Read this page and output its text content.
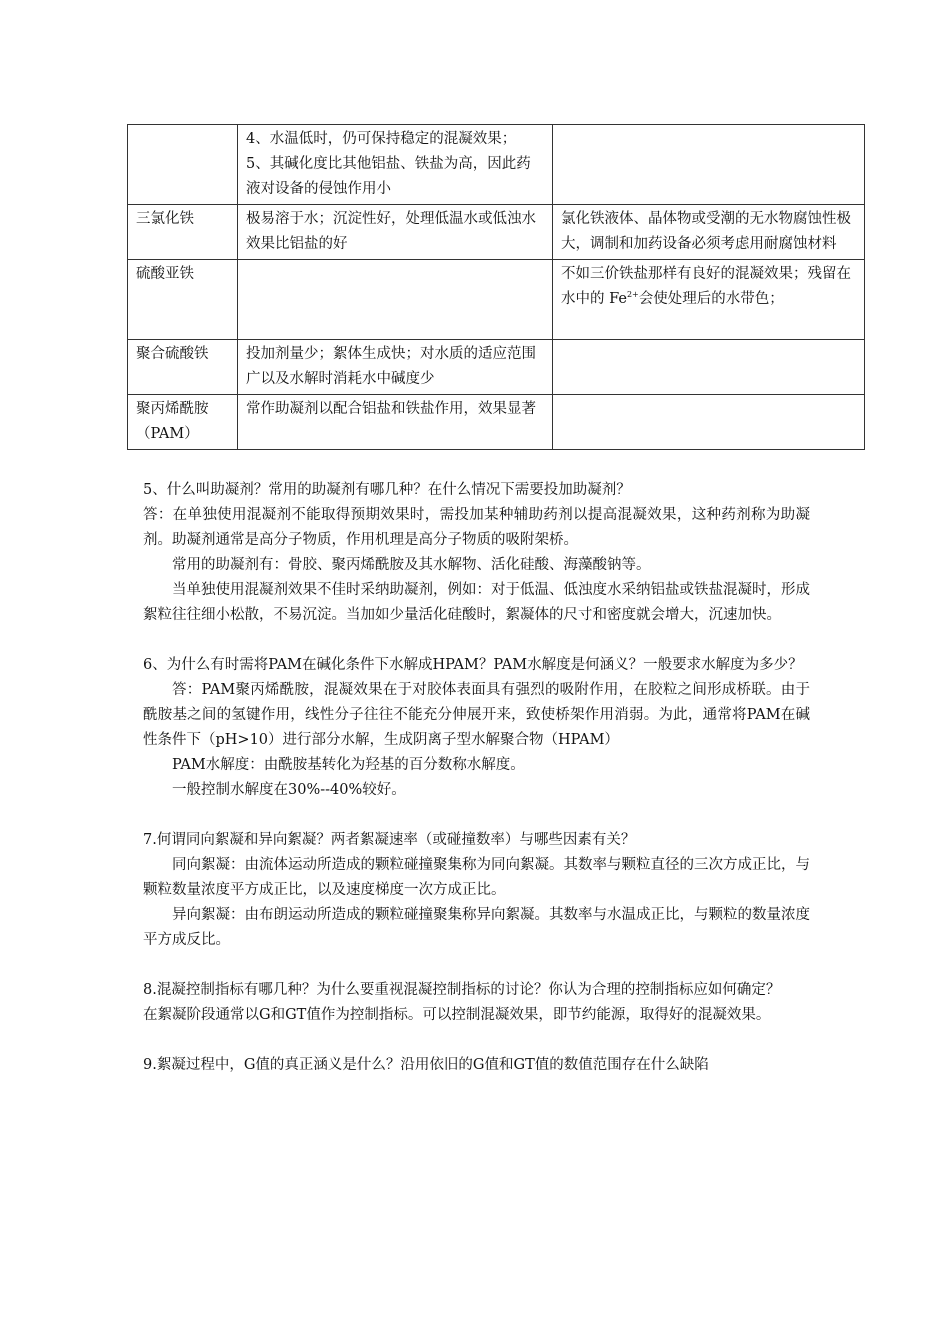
	4、水温低时，仍可保持稳定的混凝效果； 5、其碱化度比其他铝盐、铁盐为高，因此药液对设备的侵蚀作用小	
三氯化铁	极易溶于水；沉淀性好，处理低温水或低浊水效果比铝盐的好	氯化铁液体、晶体物或受潮的无水物腐蚀性极大，调制和加药设备必须考虑用耐腐蚀材料
硫酸亚铁		不如三价铁盐那样有良好的混凝效果；残留在水中的 $Fe^{2+}$会使处理后的水带色；
聚合硫酸铁	投加剂量少；絮体生成快；对水质的适应范围广以及水解时消耗水中碱度少	
聚丙烯酰胺（PAM）	常作助凝剂以配合铝盐和铁盐作用，效果显著	

5、什么叫助凝剂？常用的助凝剂有哪几种？在什么情况下需要投加助凝剂？

答：在单独使用混凝剂不能取得预期效果时，需投加某种辅助药剂以提高混凝效果，这种药剂称为助凝剂。助凝剂通常是高分子物质，作用机理是高分子物质的吸附架桥。

常用的助凝剂有：骨胶、聚丙烯酰胺及其水解物、活化硅酸、海藻酸钠等。

当单独使用混凝剂效果不佳时采纳助凝剂，例如：对于低温、低浊度水采纳铝盐或铁盐混凝时，形成絮粒往往细小松散，不易沉淀。当加如少量活化硅酸时，絮凝体的尺寸和密度就会增大，沉速加快。

6、为什么有时需将PAM在碱化条件下水解成HPAM？PAM水解度是何涵义？一般要求水解度为多少？

答：PAM聚丙烯酰胺，混凝效果在于对胶体表面具有强烈的吸附作用，在胶粒之间形成桥联。由于酰胺基之间的氢键作用，线性分子往往不能充分伸展开来，致使桥架作用消弱。为此，通常将PAM在碱性条件下（pH>10）进行部分水解，生成阴离子型水解聚合物（HPAM）

PAM水解度：由酰胺基转化为羟基的百分数称水解度。

一般控制水解度在30%--40%较好。

7.何谓同向絮凝和异向絮凝？两者絮凝速率（或碰撞数率）与哪些因素有关？

同向絮凝：由流体运动所造成的颗粒碰撞聚集称为同向絮凝。其数率与颗粒直径的三次方成正比，与颗粒数量浓度平方成正比，以及速度梯度一次方成正比。

异向絮凝：由布朗运动所造成的颗粒碰撞聚集称异向絮凝。其数率与水温成正比，与颗粒的数量浓度平方成反比。

8.混凝控制指标有哪几种？为什么要重视混凝控制指标的讨论？你认为合理的控制指标应如何确定？

在絮凝阶段通常以G和GT值作为控制指标。可以控制混凝效果，即节约能源，取得好的混凝效果。

9.絮凝过程中，G值的真正涵义是什么？沿用依旧的G值和GT值的数值范围存在什么缺陷
